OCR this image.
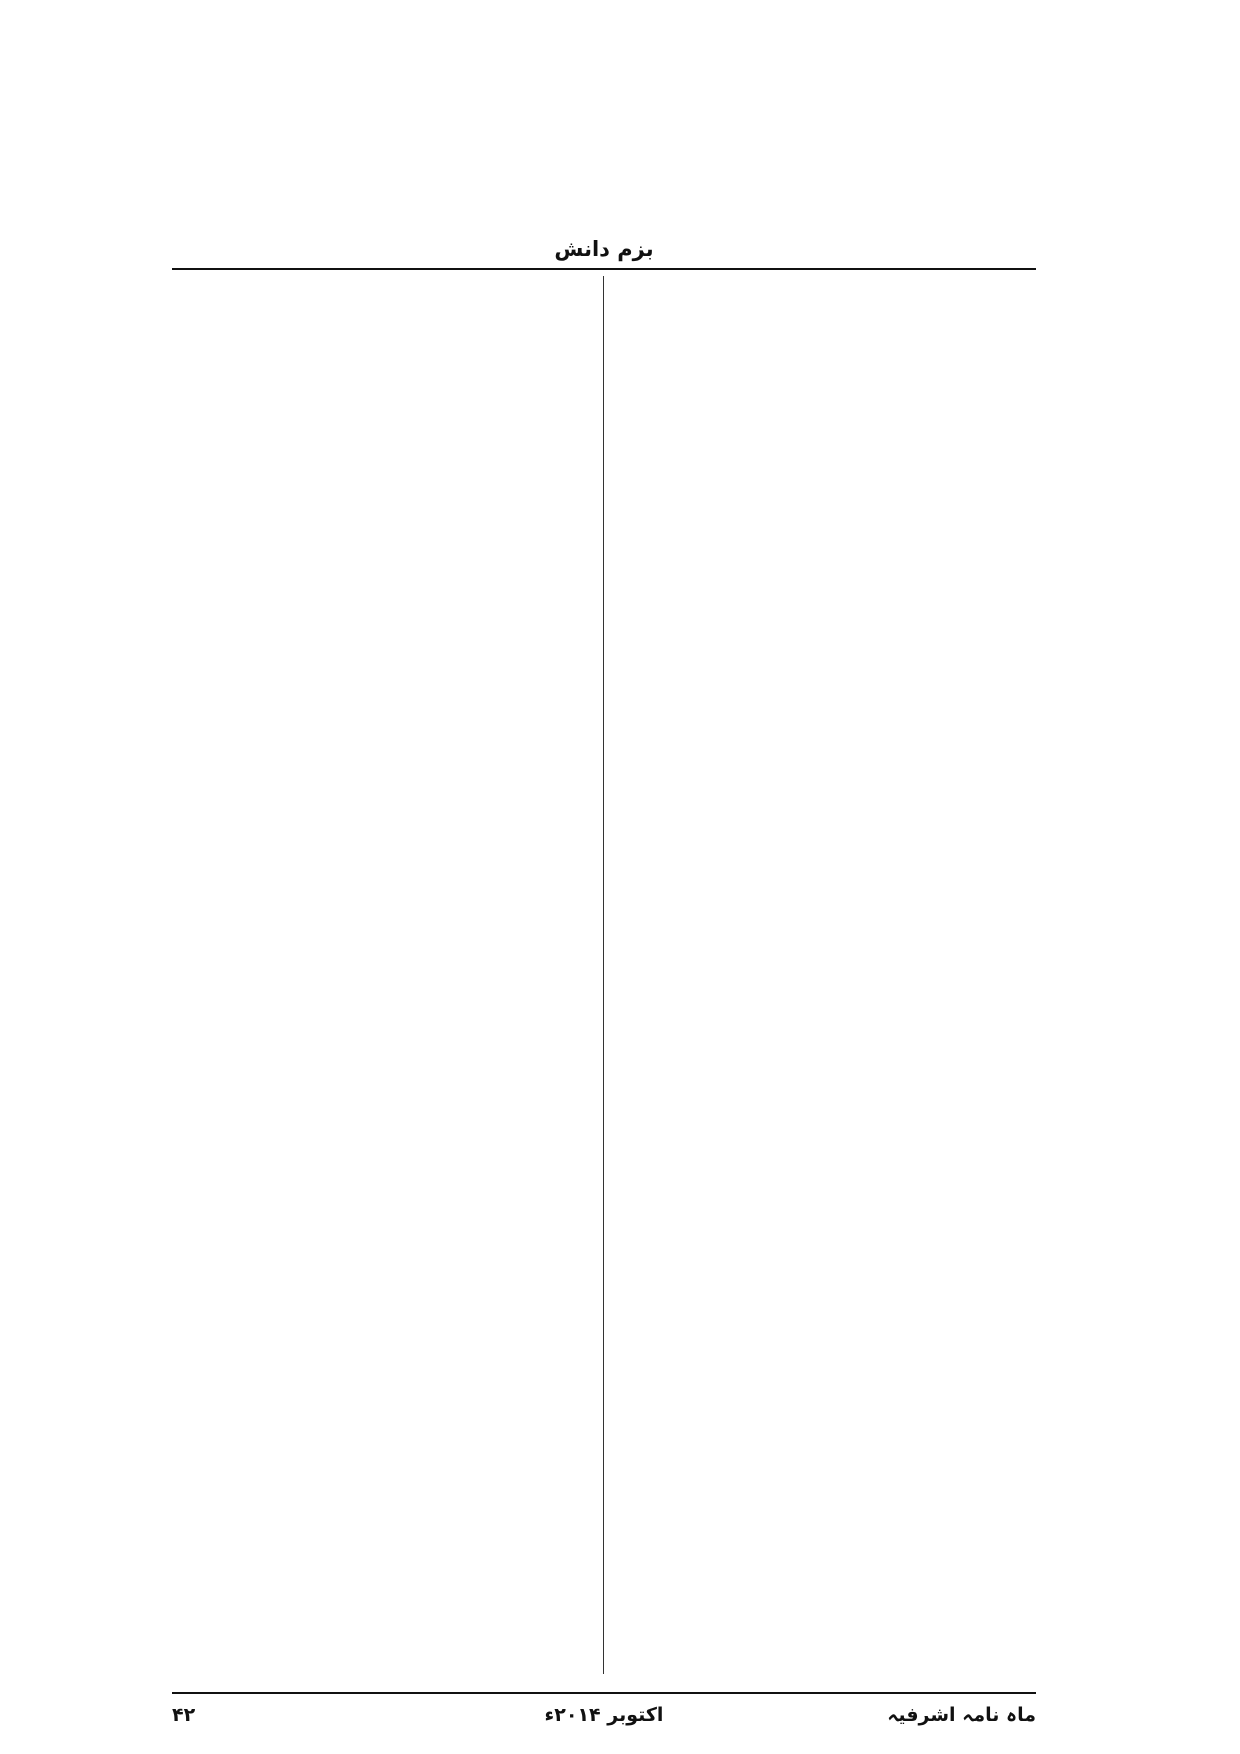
بزم دانش

ماہ نامہ اشرفیہ
اکتوبر ۲۰۱۴ء
۴۲
